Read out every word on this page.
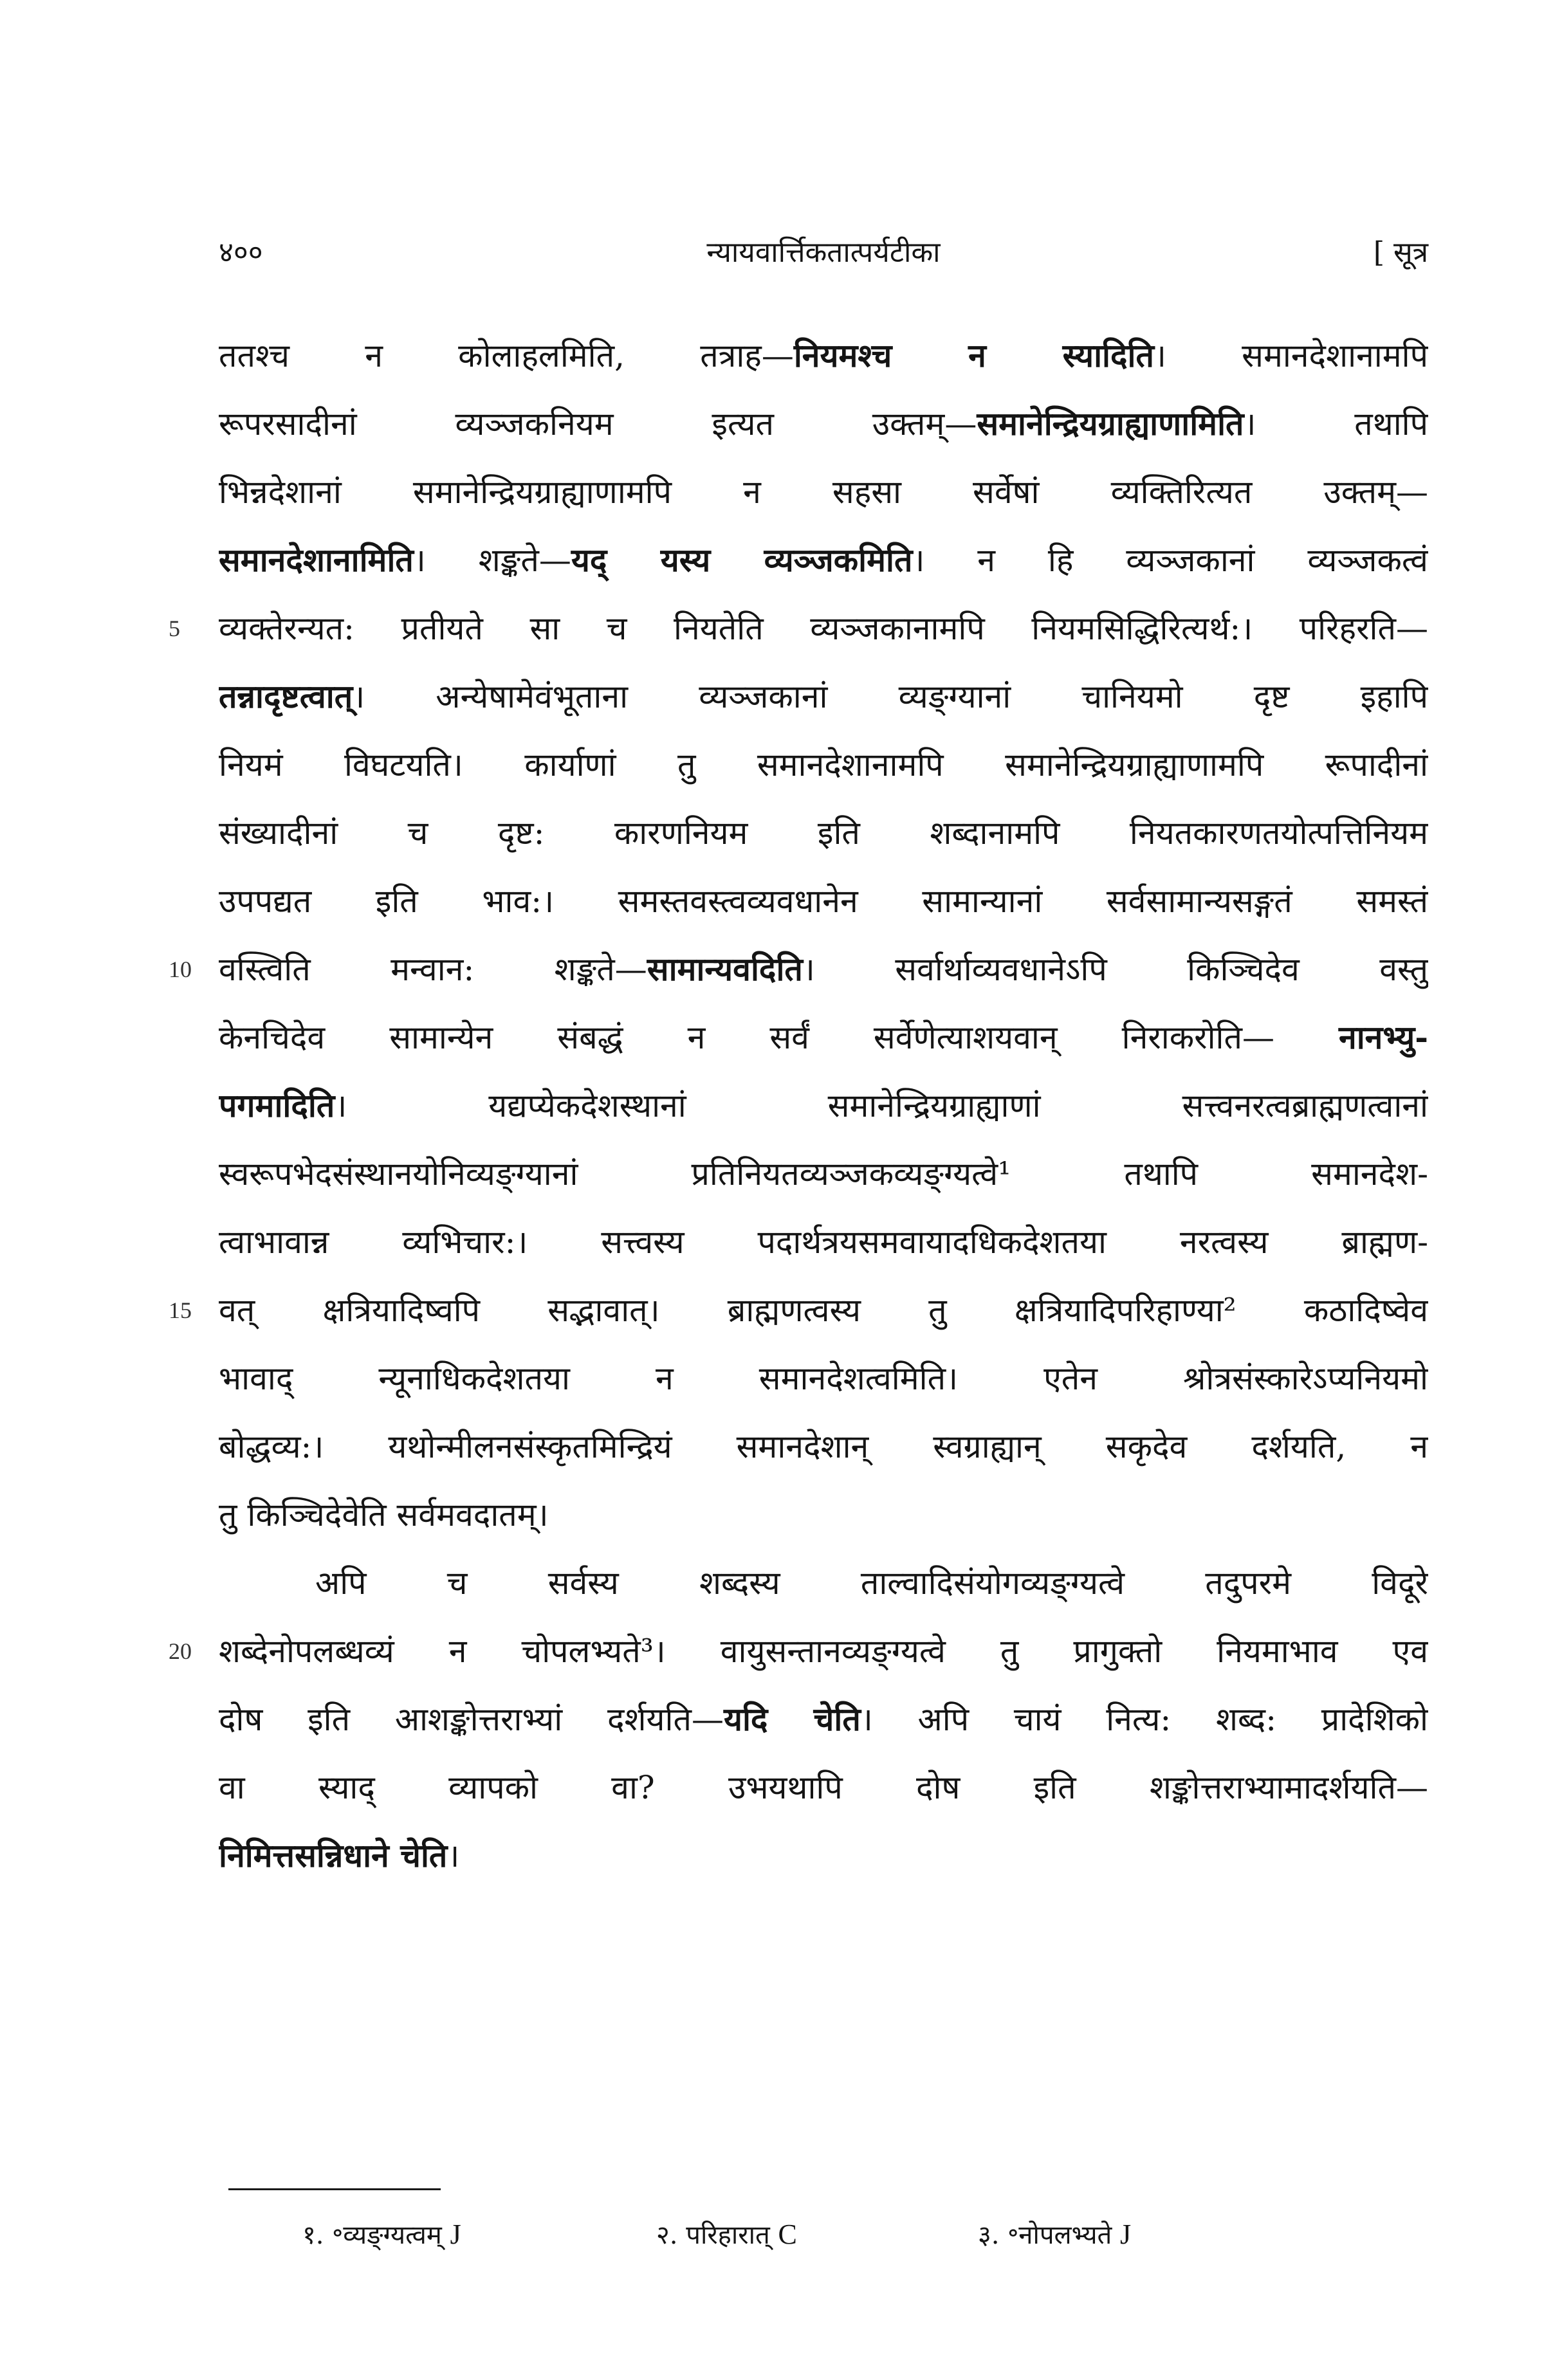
४००	न्यायवार्त्तिकतात्पर्यटीका	[ सूत्र
ततश्च न कोलाहलमिति, तत्राह—नियमश्च न स्यादिति। समानदेशानामपि
रूपरसादीनां व्यञ्जकनियम इत्यत उक्तम्—समानेन्द्रियग्राह्याणामिति। तथापि
भिन्नदेशानां समानेन्द्रियग्राह्याणामपि न सहसा सर्वेषां व्यक्तिरित्यत उक्तम्—
समानदेशानामिति। शङ्कते—यद् यस्य व्यञ्जकमिति। न हि व्यञ्जकानां व्यञ्जकत्वं
व्यक्तेरन्यत: प्रतीयते सा च नियतेति व्यञ्जकानामपि नियमसिद्धिरित्यर्थ:। परिहरति—
तन्नादृष्टत्वात्। अन्येषामेवंभूताना व्यञ्जकानां व्यङ्ग्यानां चानियमो दृष्ट इहापि
नियमं विघटयति। कार्याणां तु समानदेशानामपि समानेन्द्रियग्राह्याणामपि रूपादीनां
संख्यादीनां च दृष्ट: कारणनियम इति शब्दानामपि नियतकारणतयोत्पत्तिनियम
उपपद्यत इति भाव:। समस्तवस्त्वव्यवधानेन सामान्यानां सर्वसामान्यसङ्गतं समस्तं
वस्त्विति मन्वान: शङ्कते—सामान्यवदिति। सर्वार्थाव्यवधानेऽपि किञ्चिदेव वस्तु
केनचिदेव सामान्येन संबद्धं न सर्वं सर्वेणेत्याशयवान् निराकरोति— नानभ्यु-
पगमादिति। यद्यप्येकदेशस्थानां समानेन्द्रियग्राह्याणां सत्त्वनरत्वब्राह्मणत्वानां
स्वरूपभेदसंस्थानयोनिव्यङ्ग्यानां प्रतिनियतव्यञ्जकव्यङ्ग्यत्वे¹ तथापि समानदेश-
त्वाभावान्न व्यभिचार:। सत्त्वस्य पदार्थत्रयसमवायादधिकदेशतया नरत्वस्य ब्राह्मण-
वत् क्षत्रियादिष्वपि सद्भावात्। ब्राह्मणत्वस्य तु क्षत्रियादिपरिहाण्या² कठादिष्वेव
भावाद् न्यूनाधिकदेशतया न समानदेशत्वमिति। एतेन श्रोत्रसंस्कारेऽप्यनियमो
बोद्धव्य:। यथोन्मीलनसंस्कृतमिन्द्रियं समानदेशान् स्वग्राह्यान् सकृदेव दर्शयति, न
तु किञ्चिदेवेति सर्वमवदातम्।
अपि च सर्वस्य शब्दस्य ताल्वादिसंयोगव्यङ्ग्यत्वे तदुपरमे विदूरे
शब्देनोपलब्धव्यं न चोपलभ्यते³। वायुसन्तानव्यङ्ग्यत्वे तु प्रागुक्तो नियमाभाव एव
दोष इति आशङ्कोत्तराभ्यां दर्शयति—यदि चेति। अपि चायं नित्य: शब्द: प्रादेशिको
वा स्याद् व्यापको वा? उभयथापि दोष इति शङ्कोत्तराभ्यामादर्शयति—
निमित्तसन्निधाने चेति।
१. ॰व्यङ्ग्यत्वम् J	२. परिहारात् C	३. ॰नोपलभ्यते J
5
10
15
20
